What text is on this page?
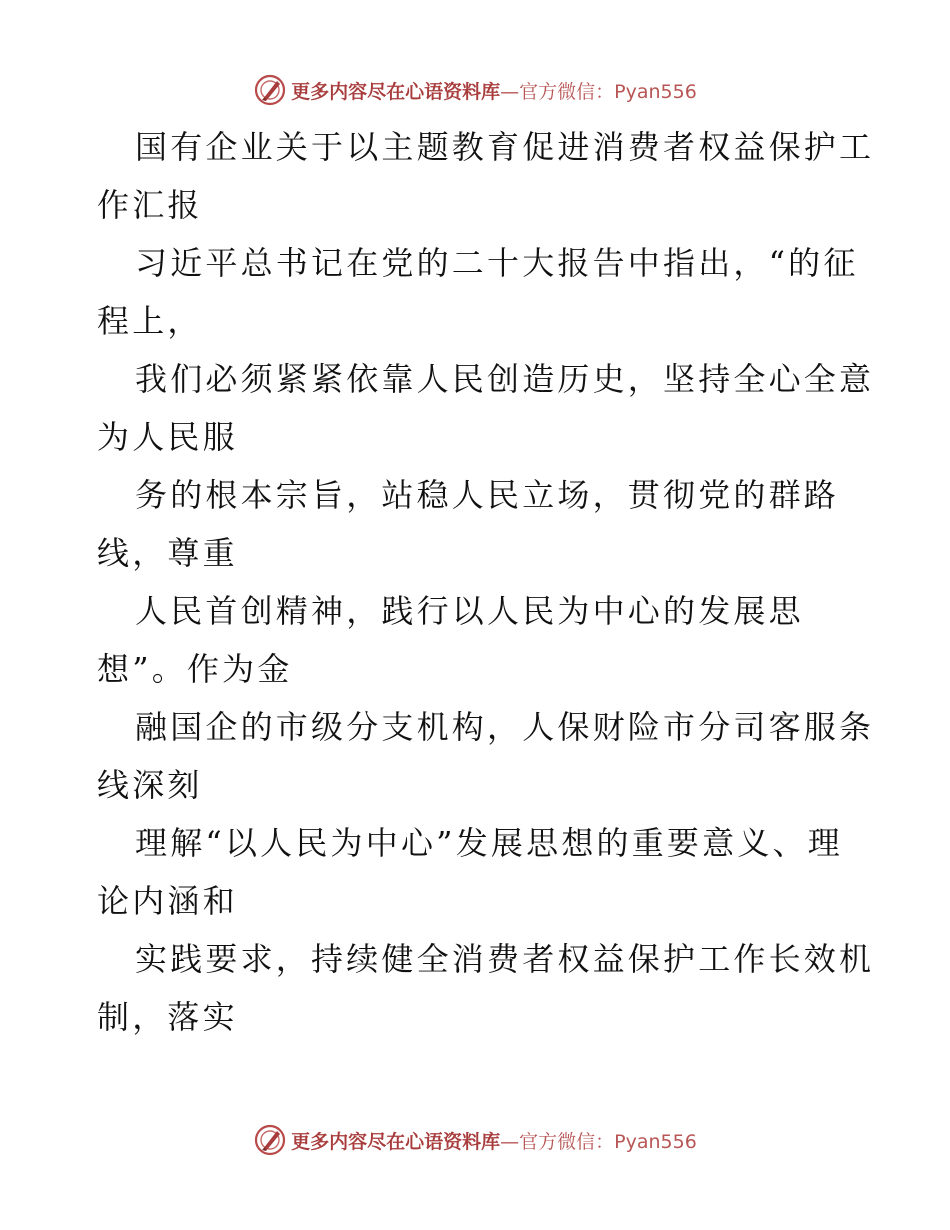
更多内容尽在心语资料库—官方微信：Pyan556
国有企业关于以主题教育促进消费者权益保护工
作汇报
习近平总书记在党的二十大报告中指出，“的征
程上，
我们必须紧紧依靠人民创造历史，坚持全心全意
为人民服
务的根本宗旨，站稳人民立场，贯彻党的群路
线，尊重
人民首创精神，践行以人民为中心的发展思
想”。作为金
融国企的市级分支机构，人保财险市分司客服条
线深刻
理解“以人民为中心”发展思想的重要意义、理
论内涵和
实践要求，持续健全消费者权益保护工作长效机
制，落实
更多内容尽在心语资料库—官方微信：Pyan556
